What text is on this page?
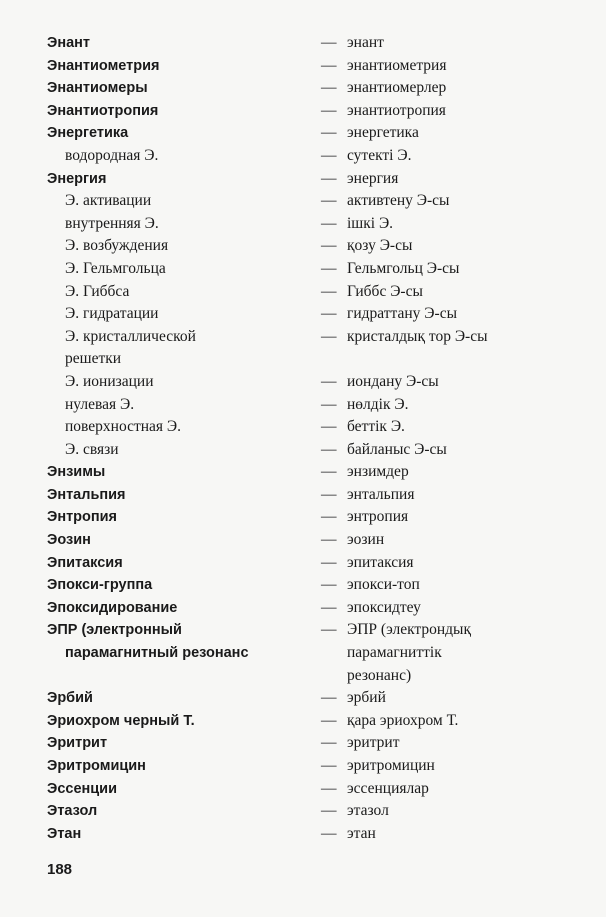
Энант	— энант
Энантиометрия	— энантиометрия
Энантиомеры	— энантиомерлер
Энантиотропия	— энантиотропия
Энергетика	— энергетика
водородная Э.	— сутекті Э.
Энергия	— энергия
Э. активации	— активтену Э-сы
внутренняя Э.	— ішкі Э.
Э. возбуждения	— қозу Э-сы
Э. Гельмгольца	— Гельмгольц Э-сы
Э. Гиббса	— Гиббс Э-сы
Э. гидратации	— гидраттану Э-сы
Э. кристаллической	— кристалдық тор Э-сы
решетки
Э. ионизации	— иондану Э-сы
нулевая Э.	— нөлдік Э.
поверхностная Э.	— беттік Э.
Э. связи	— байланыс Э-сы
Энзимы	— энзимдер
Энтальпия	— энтальпия
Энтропия	— энтропия
Эозин	— эозин
Эпитаксия	— эпитаксия
Эпокси-группа	— эпокси-топ
Эпоксидирование	— эпоксидтеу
ЭПР (электронный	— ЭПР (электрондық
парамагнитный резонанс	парамагниттік
резонанс)
Эрбий	— эрбий
Эриохром черный Т.	— қара эриохром Т.
Эритрит	— эритрит
Эритромицин	— эритромицин
Эссенции	— эссенциялар
Этазол	— этазол
Этан	— этан
188
